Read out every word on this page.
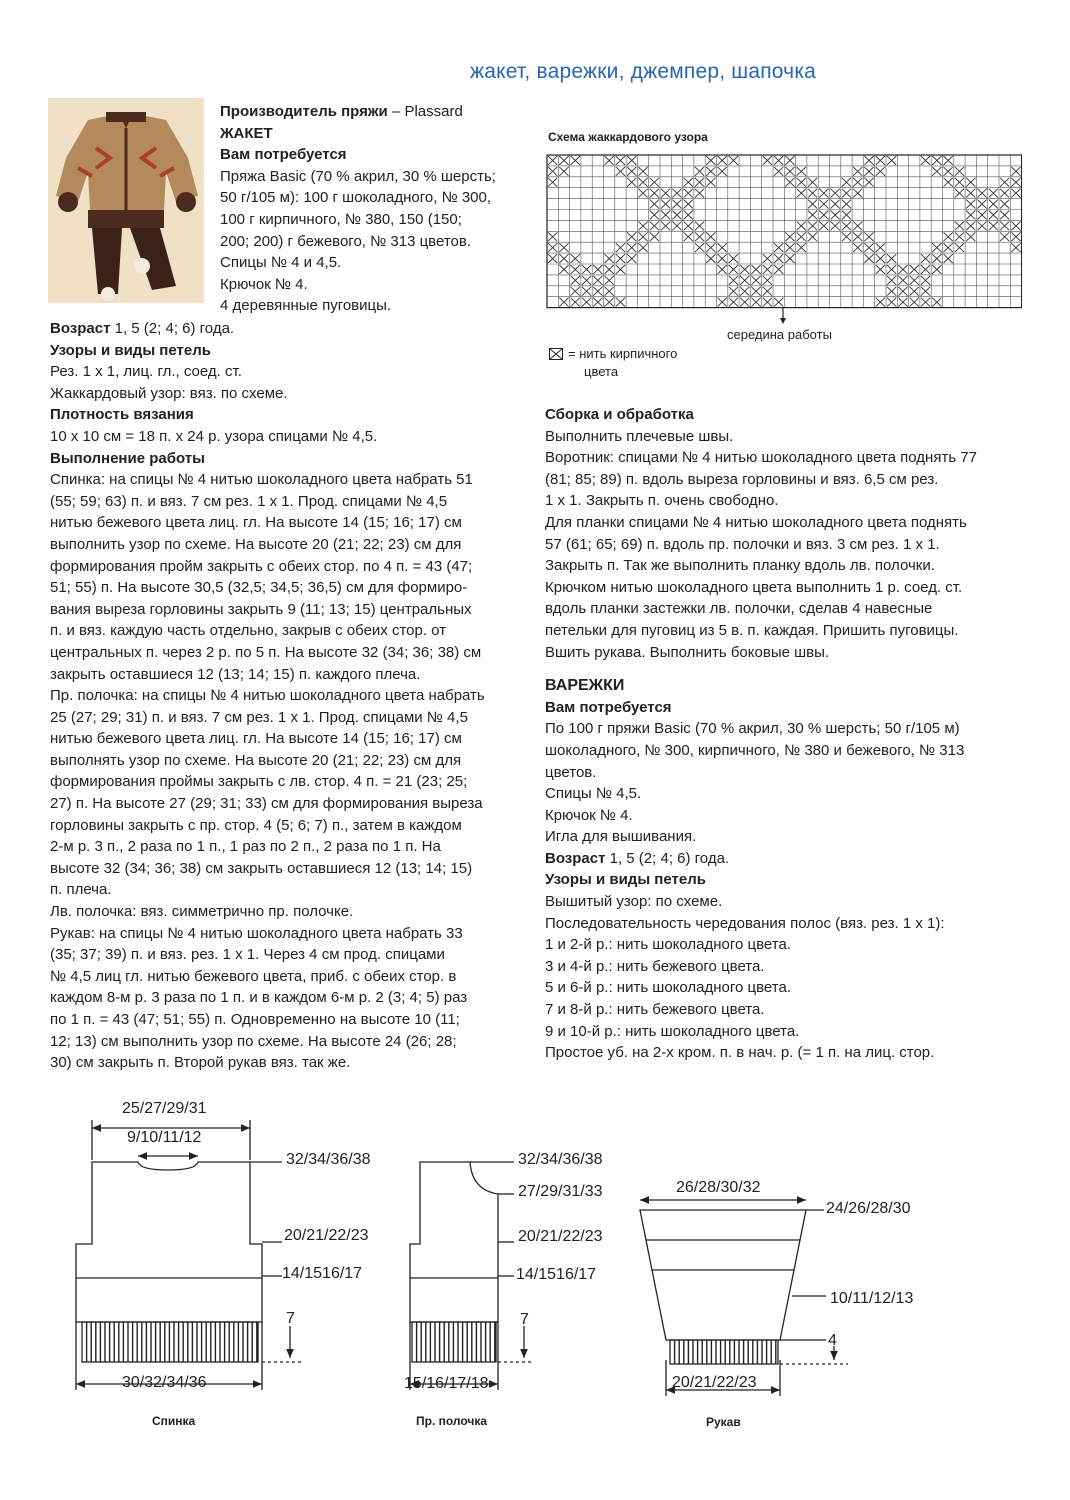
жакет, варежки, джемпер, шапочка

Производитель пряжи – Plassard

ЖАКЕТ

Вам потребуется

Пряжа Basic (70 % акрил, 30 % шерсть;

50 г/105 м): 100 г шоколадного, № 300,

100 г кирпичного, № 380, 150 (150;

200; 200) г бежевого, № 313 цветов.

Спицы № 4 и 4,5.

Крючок № 4.

4 деревянные пуговицы.

Возраст 1, 5 (2; 4; 6) года.

Узоры и виды петель

Рез. 1 х 1, лиц. гл., соед. ст.

Жаккардовый узор: вяз. по схеме.

Плотность вязания

10 х 10 см = 18 п. х 24 р. узора спицами № 4,5.

Выполнение работы

Спинка: на спицы № 4 нитью шоколадного цвета набрать 51

(55; 59; 63) п. и вяз. 7 см рез. 1 х 1. Прод. спицами № 4,5

нитью бежевого цвета лиц. гл. На высоте 14 (15; 16; 17) см

выполнить узор по схеме. На высоте 20 (21; 22; 23) см для

формирования пройм закрыть с обеих стор. по 4 п. = 43 (47;

51; 55) п. На высоте 30,5 (32,5; 34,5; 36,5) см для формиро-

вания выреза горловины закрыть 9 (11; 13; 15) центральных

п. и вяз. каждую часть отдельно, закрыв с обеих стор. от

центральных п. через 2 р. по 5 п. На высоте 32 (34; 36; 38) см

закрыть оставшиеся 12 (13; 14; 15) п. каждого плеча.

Пр. полочка: на спицы № 4 нитью шоколадного цвета набрать

25 (27; 29; 31) п. и вяз. 7 см рез. 1 х 1. Прод. спицами № 4,5

нитью бежевого цвета лиц. гл. На высоте 14 (15; 16; 17) см

выполнять узор по схеме. На высоте 20 (21; 22; 23) см для

формирования проймы закрыть с лв. стор. 4 п. = 21 (23; 25;

27) п. На высоте 27 (29; 31; 33) см для формирования выреза

горловины закрыть с пр. стор. 4 (5; 6; 7) п., затем в каждом

2-м р. 3 п., 2 раза по 1 п., 1 раз по 2 п., 2 раза по 1 п. На

высоте 32 (34; 36; 38) см закрыть оставшиеся 12 (13; 14; 15)

п. плеча.

Лв. полочка: вяз. симметрично пр. полочке.

Рукав: на спицы № 4 нитью шоколадного цвета набрать 33

(35; 37; 39) п. и вяз. рез. 1 х 1. Через 4 см прод. спицами

№ 4,5 лиц гл. нитью бежевого цвета, приб. с обеих стор. в

каждом 8-м р. 3 раза по 1 п. и в каждом 6-м р. 2 (3; 4; 5) раз

по 1 п. = 43 (47; 51; 55) п. Одновременно на высоте 10 (11;

12; 13) см выполнить узор по схеме. На высоте 24 (26; 28;

30) см закрыть п. Второй рукав вяз. так же.

Схема жаккардового узора
середина работы
= нить кирпичного
цвета

Сборка и обработка

Выполнить плечевые швы.

Воротник: спицами № 4 нитью шоколадного цвета поднять 77

(81; 85; 89) п. вдоль выреза горловины и вяз. 6,5 см рез.

1 х 1. Закрыть п. очень свободно.

Для планки спицами № 4 нитью шоколадного цвета поднять

57 (61; 65; 69) п. вдоль пр. полочки и вяз. 3 см рез. 1 х 1.

Закрыть п. Так же выполнить планку вдоль лв. полочки.

Крючком нитью шоколадного цвета выполнить 1 р. соед. ст.

вдоль планки застежки лв. полочки, сделав 4 навесные

петельки для пуговиц из 5 в. п. каждая. Пришить пуговицы.

Вшить рукава. Выполнить боковые швы.

ВАРЕЖКИ

Вам потребуется

По 100 г пряжи Basic (70 % акрил, 30 % шерсть; 50 г/105 м)

шоколадного, № 300, кирпичного, № 380 и бежевого, № 313

цветов.

Спицы № 4,5.

Крючок № 4.

Игла для вышивания.

Возраст 1, 5 (2; 4; 6) года.

Узоры и виды петель

Вышитый узор: по схеме.

Последовательность чередования полос (вяз. рез. 1 х 1):

1 и 2-й р.: нить шоколадного цвета.

3 и 4-й р.: нить бежевого цвета.

5 и 6-й р.: нить шоколадного цвета.

7 и 8-й р.: нить бежевого цвета.

9 и 10-й р.: нить шоколадного цвета.

Простое уб. на 2-х кром. п. в нач. р. (= 1 п. на лиц. стор.

25/27/29/31
9/10/11/12
32/34/36/38
20/21/22/23
14/1516/17
7
30/32/34/36
Спинка
32/34/36/38
27/29/31/33
20/21/22/23
14/1516/17
7
15/16/17/18
Пр. полочка
26/28/30/32
24/26/28/30
10/11/12/13
4
20/21/22/23
Рукав
